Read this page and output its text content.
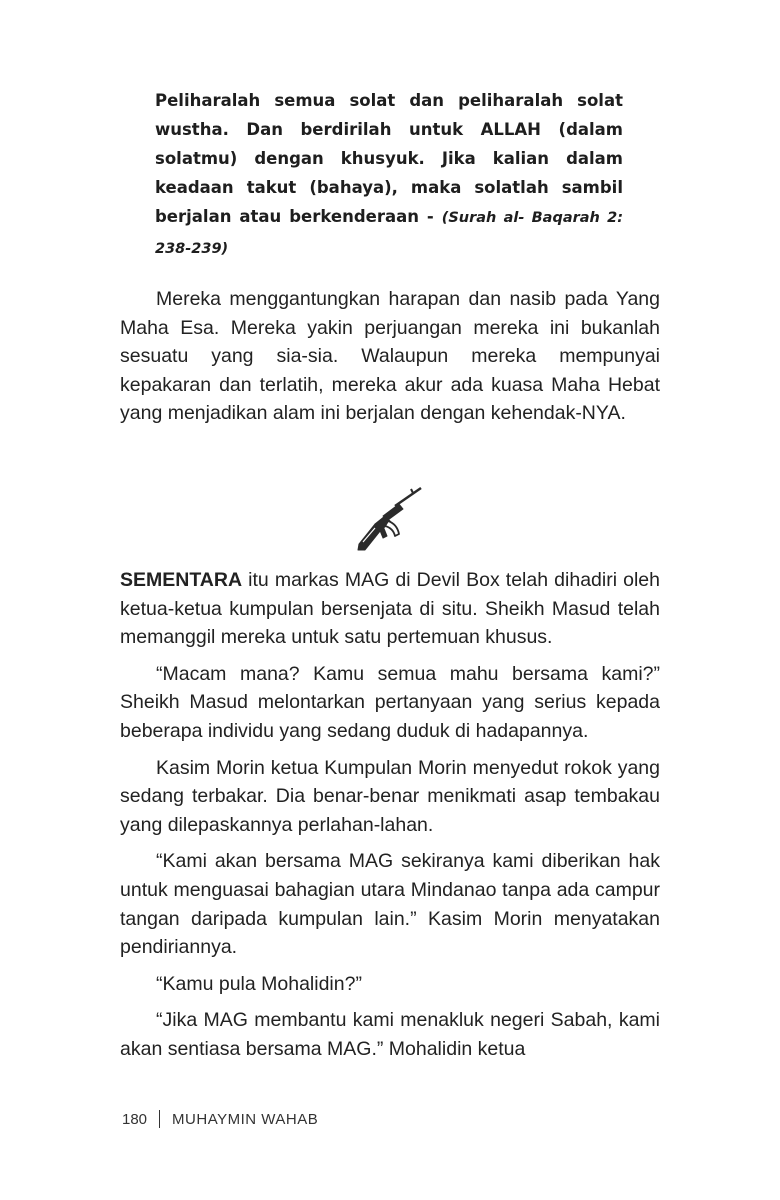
Peliharalah semua solat dan peliharalah solat wustha. Dan berdirilah untuk ALLAH (dalam solatmu) dengan khusyuk. Jika kalian dalam keadaan takut (bahaya), maka solatlah sambil berjalan atau berkenderaan - (Surah al- Baqarah 2: 238-239)

Mereka menggantungkan harapan dan nasib pada Yang Maha Esa. Mereka yakin perjuangan mereka ini bukanlah sesuatu yang sia-sia. Walaupun mereka mempunyai kepakaran dan terlatih, mereka akur ada kuasa Maha Hebat yang menjadikan alam ini berjalan dengan kehendak-NYA.

SEMENTARA itu markas MAG di Devil Box telah dihadiri oleh ketua-ketua kumpulan bersenjata di situ. Sheikh Masud telah memanggil mereka untuk satu pertemuan khusus.

“Macam mana? Kamu semua mahu bersama kami?” Sheikh Masud melontarkan pertanyaan yang serius kepada beberapa individu yang sedang duduk di hadapannya.

Kasim Morin ketua Kumpulan Morin menyedut rokok yang sedang terbakar. Dia benar-benar menikmati asap tembakau yang dilepaskannya perlahan-lahan.

“Kami akan bersama MAG sekiranya kami diberikan hak untuk menguasai bahagian utara Mindanao tanpa ada campur tangan daripada kumpulan lain.” Kasim Morin menyatakan pendiriannya.

“Kamu pula Mohalidin?”

“Jika MAG membantu kami menakluk negeri Sabah, kami akan sentiasa bersama MAG.” Mohalidin ketua

180 MUHAYMIN WAHAB
